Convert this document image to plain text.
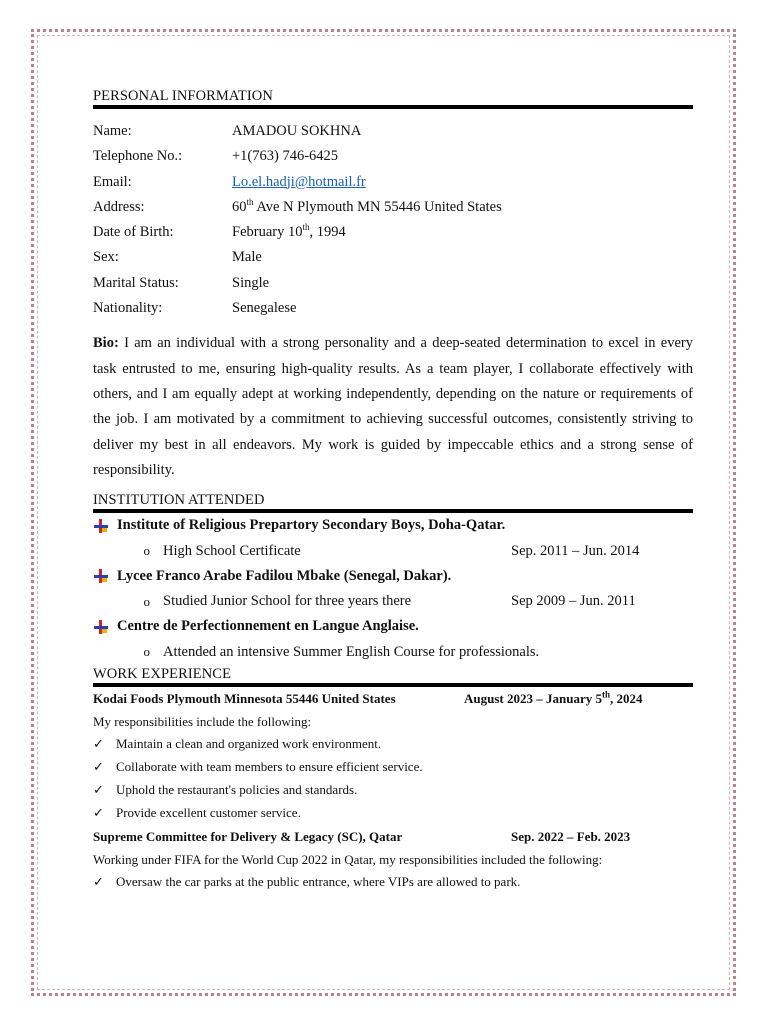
PERSONAL INFORMATION
Name:	AMADOU SOKHNA
Telephone No.:	+1(763) 746-6425
Email:	Lo.el.hadji@hotmail.fr
Address:	60th Ave N Plymouth MN 55446 United States
Date of Birth:	February 10th, 1994
Sex:	Male
Marital Status:	Single
Nationality:	Senegalese
Bio: I am an individual with a strong personality and a deep-seated determination to excel in every task entrusted to me, ensuring high-quality results. As a team player, I collaborate effectively with others, and I am equally adept at working independently, depending on the nature or requirements of the job. I am motivated by a commitment to achieving successful outcomes, consistently striving to deliver my best in all endeavors. My work is guided by impeccable ethics and a strong sense of responsibility.
INSTITUTION ATTENDED
Institute of Religious Prepartory Secondary Boys, Doha-Qatar.
o High School Certificate	Sep. 2011 – Jun. 2014
Lycee Franco Arabe Fadilou Mbake (Senegal, Dakar).
o Studied Junior School for three years there	Sep 2009 – Jun. 2011
Centre de Perfectionnement en Langue Anglaise.
o Attended an intensive Summer English Course for professionals.
WORK EXPERIENCE
Kodai Foods Plymouth Minnesota 55446 United States	August 2023 – January 5th, 2024
My responsibilities include the following:
✓ Maintain a clean and organized work environment.
✓ Collaborate with team members to ensure efficient service.
✓ Uphold the restaurant's policies and standards.
✓ Provide excellent customer service.
Supreme Committee for Delivery & Legacy (SC), Qatar	Sep. 2022 – Feb. 2023
Working under FIFA for the World Cup 2022 in Qatar, my responsibilities included the following:
✓ Oversaw the car parks at the public entrance, where VIPs are allowed to park.
